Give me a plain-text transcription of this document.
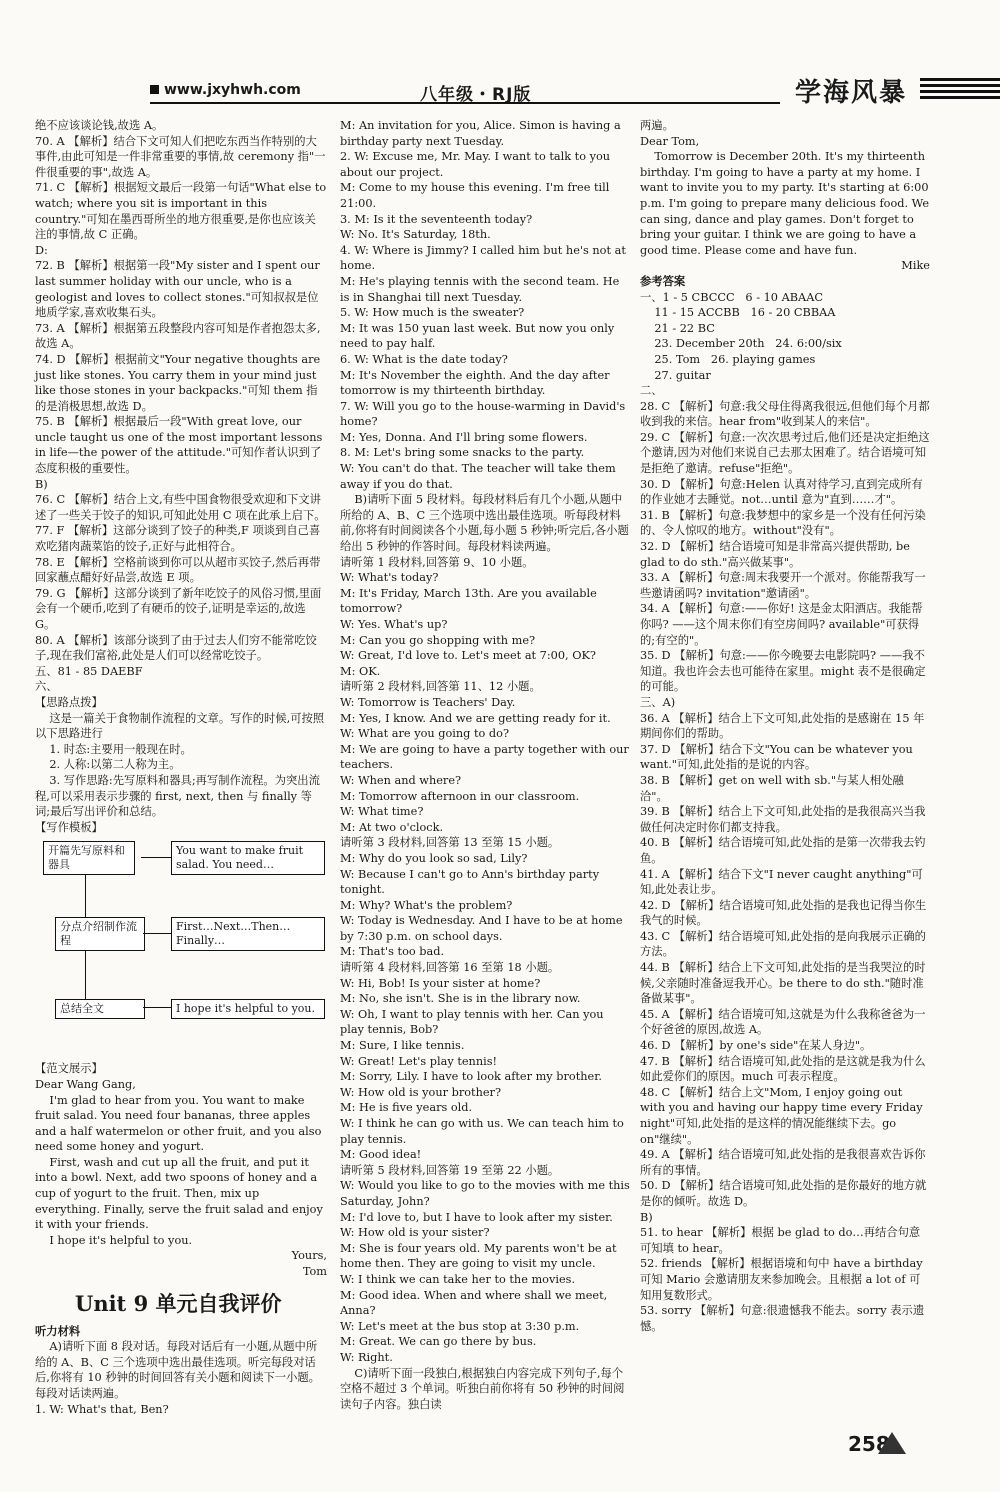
www.jxyhwh.com	八年级・RJ版	学海风暴

绝不应该谈论钱,故选 A。

70. A 【解析】结合下文可知人们把吃东西当作特别的大事件,由此可知是一件非常重要的事情,故 ceremony 指"一件很重要的事",故选 A。

71. C 【解析】根据短文最后一段第一句话"What else to watch; where you sit is important in this country."可知在墨西哥所坐的地方很重要,是你也应该关注的事情,故 C 正确。

D:

72. B 【解析】根据第一段"My sister and I spent our last summer holiday with our uncle, who is a geologist and loves to collect stones."可知叔叔是位地质学家,喜欢收集石头。

73. A 【解析】根据第五段整段内容可知是作者抱怨太多,故选 A。

74. D 【解析】根据前文"Your negative thoughts are just like stones. You carry them in your mind just like those stones in your backpacks."可知 them 指的是消极思想,故选 D。

75. B 【解析】根据最后一段"With great love, our uncle taught us one of the most important lessons in life—the power of the attitude."可知作者认识到了态度积极的重要性。

B)

76. C 【解析】结合上文,有些中国食物很受欢迎和下文讲述了一些关于饺子的知识,可知此处用 C 项在此承上启下。

77. F 【解析】这部分谈到了饺子的种类,F 项谈到自己喜欢吃猪肉蔬菜馅的饺子,正好与此相符合。

78. E 【解析】空格前谈到你可以从超市买饺子,然后再带回家蘸点醋好好品尝,故选 E 项。

79. G 【解析】这部分谈到了新年吃饺子的风俗习惯,里面会有一个硬币,吃到了有硬币的饺子,证明是幸运的,故选 G。

80. A 【解析】该部分谈到了由于过去人们穷不能常吃饺子,现在我们富裕,此处是人们可以经常吃饺子。

五、81 - 85 DAEBF

六、

【思路点拨】

这是一篇关于食物制作流程的文章。写作的时候,可按照以下思路进行

1. 时态:主要用一般现在时。

2. 人称:以第二人称为主。

3. 写作思路:先写原料和器具;再写制作流程。为突出流程,可以采用表示步骤的 first, next, then 与 finally 等词;最后写出评价和总结。

【写作模板】

开篇先写原料和器具
You want to make fruit salad. You need…
分点介绍制作流程
First…Next…Then…Finally…
总结全文	I hope it's helpful to you.

【范文展示】

Dear Wang Gang,

I'm glad to hear from you. You want to make fruit salad. You need four bananas, three apples and a half watermelon or other fruit, and you also need some honey and yogurt.

First, wash and cut up all the fruit, and put it into a bowl. Next, add two spoons of honey and a cup of yogurt to the fruit. Then, mix up everything. Finally, serve the fruit salad and enjoy it with your friends.

I hope it's helpful to you.

Yours,

Tom

Unit 9 单元自我评价

听力材料

A)请听下面 8 段对话。每段对话后有一小题,从题中所给的 A、B、C 三个选项中选出最佳选项。听完每段对话后,你将有 10 秒钟的时间回答有关小题和阅读下一小题。每段对话读两遍。

1. W: What's that, Ben?

M: An invitation for you, Alice. Simon is having a birthday party next Tuesday.

2. W: Excuse me, Mr. May. I want to talk to you about our project.

M: Come to my house this evening. I'm free till 21:00.

3. M: Is it the seventeenth today?

W: No. It's Saturday, 18th.

4. W: Where is Jimmy? I called him but he's not at home.

M: He's playing tennis with the second team. He is in Shanghai till next Tuesday.

5. W: How much is the sweater?

M: It was 150 yuan last week. But now you only need to pay half.

6. W: What is the date today?

M: It's November the eighth. And the day after tomorrow is my thirteenth birthday.

7. W: Will you go to the house-warming in David's home?

M: Yes, Donna. And I'll bring some flowers.

8. M: Let's bring some snacks to the party.

W: You can't do that. The teacher will take them away if you do that.

B)请听下面 5 段材料。每段材料后有几个小题,从题中所给的 A、B、C 三个选项中选出最佳选项。听每段材料前,你将有时间阅读各个小题,每小题 5 秒钟;听完后,各小题给出 5 秒钟的作答时间。每段材料读两遍。

请听第 1 段材料,回答第 9、10 小题。

W: What's today?

M: It's Friday, March 13th. Are you available tomorrow?

W: Yes. What's up?

M: Can you go shopping with me?

W: Great, I'd love to. Let's meet at 7:00, OK?

M: OK.

请听第 2 段材料,回答第 11、12 小题。

W: Tomorrow is Teachers' Day.

M: Yes, I know. And we are getting ready for it.

W: What are you going to do?

M: We are going to have a party together with our teachers.

W: When and where?

M: Tomorrow afternoon in our classroom.

W: What time?

M: At two o'clock.

请听第 3 段材料,回答第 13 至第 15 小题。

M: Why do you look so sad, Lily?

W: Because I can't go to Ann's birthday party tonight.

M: Why? What's the problem?

W: Today is Wednesday. And I have to be at home by 7:30 p.m. on school days.

M: That's too bad.

请听第 4 段材料,回答第 16 至第 18 小题。

W: Hi, Bob! Is your sister at home?

M: No, she isn't. She is in the library now.

W: Oh, I want to play tennis with her. Can you play tennis, Bob?

M: Sure, I like tennis.

W: Great! Let's play tennis!

M: Sorry, Lily. I have to look after my brother.

W: How old is your brother?

M: He is five years old.

W: I think he can go with us. We can teach him to play tennis.

M: Good idea!

请听第 5 段材料,回答第 19 至第 22 小题。

W: Would you like to go to the movies with me this Saturday, John?

M: I'd love to, but I have to look after my sister.

W: How old is your sister?

M: She is four years old. My parents won't be at home then. They are going to visit my uncle.

W: I think we can take her to the movies.

M: Good idea. When and where shall we meet, Anna?

W: Let's meet at the bus stop at 3:30 p.m.

M: Great. We can go there by bus.

W: Right.

C)请听下面一段独白,根据独白内容完成下列句子,每个空格不超过 3 个单词。听独白前你将有 50 秒钟的时间阅读句子内容。独白读

两遍。

Dear Tom,

Tomorrow is December 20th. It's my thirteenth birthday. I'm going to have a party at my home. I want to invite you to my party. It's starting at 6:00 p.m. I'm going to prepare many delicious food. We can sing, dance and play games. Don't forget to bring your guitar. I think we are going to have a good time. Please come and have fun.

Mike

参考答案

一、1 - 5 CBCCC   6 - 10 ABAAC

11 - 15 ACCBB   16 - 20 CBBAA

21 - 22 BC

23. December 20th   24. 6:00/six

25. Tom   26. playing games

27. guitar

二、

28. C 【解析】句意:我父母住得离我很远,但他们每个月都收到我的来信。hear from"收到某人的来信"。

29. C 【解析】句意:一次次思考过后,他们还是决定拒绝这个邀请,因为对他们来说自己去那太困难了。结合语境可知是拒绝了邀请。refuse"拒绝"。

30. D 【解析】句意:Helen 认真对待学习,直到完成所有的作业她才去睡觉。not…until 意为"直到……才"。

31. B 【解析】句意:我梦想中的家乡是一个没有任何污染的、令人惊叹的地方。without"没有"。

32. D 【解析】结合语境可知是非常高兴提供帮助, be glad to do sth."高兴做某事"。

33. A 【解析】句意:周末我要开一个派对。你能帮我写一些邀请函吗? invitation"邀请函"。

34. A 【解析】句意:——你好! 这是金太阳酒店。我能帮你吗? ——这个周末你们有空房间吗? available"可获得的;有空的"。

35. D 【解析】句意:——你今晚要去电影院吗? ——我不知道。我也许会去也可能待在家里。might 表不是很确定的可能。

三、A)

36. A 【解析】结合上下文可知,此处指的是感谢在 15 年期间你们的帮助。

37. D 【解析】结合下文"You can be whatever you want."可知,此处指的是说的内容。

38. B 【解析】get on well with sb."与某人相处融洽"。

39. B 【解析】结合上下文可知,此处指的是我很高兴当我做任何决定时你们都支持我。

40. B 【解析】结合语境可知,此处指的是第一次带我去钓鱼。

41. A 【解析】结合下文"I never caught anything"可知,此处表让步。

42. D 【解析】结合语境可知,此处指的是我也记得当你生我气的时候。

43. C 【解析】结合语境可知,此处指的是向我展示正确的方法。

44. B 【解析】结合上下文可知,此处指的是当我哭泣的时候,父亲随时准备逗我开心。be there to do sth."随时准备做某事"。

45. A 【解析】结合语境可知,这就是为什么我称爸爸为一个好爸爸的原因,故选 A。

46. D 【解析】by one's side"在某人身边"。

47. B 【解析】结合语境可知,此处指的是这就是我为什么如此爱你们的原因。much 可表示程度。

48. C 【解析】结合上文"Mom, I enjoy going out with you and having our happy time every Friday night"可知,此处指的是这样的情况能继续下去。go on"继续"。

49. A 【解析】结合语境可知,此处指的是我很喜欢告诉你所有的事情。

50. D 【解析】结合语境可知,此处指的是你最好的地方就是你的倾听。故选 D。

B)

51. to hear 【解析】根据 be glad to do…再结合句意可知填 to hear。

52. friends 【解析】根据语境和句中 have a birthday 可知 Mario 会邀请朋友来参加晚会。且根据 a lot of 可知用复数形式。

53. sorry 【解析】句意:很遗憾我不能去。sorry 表示遗憾。

258
